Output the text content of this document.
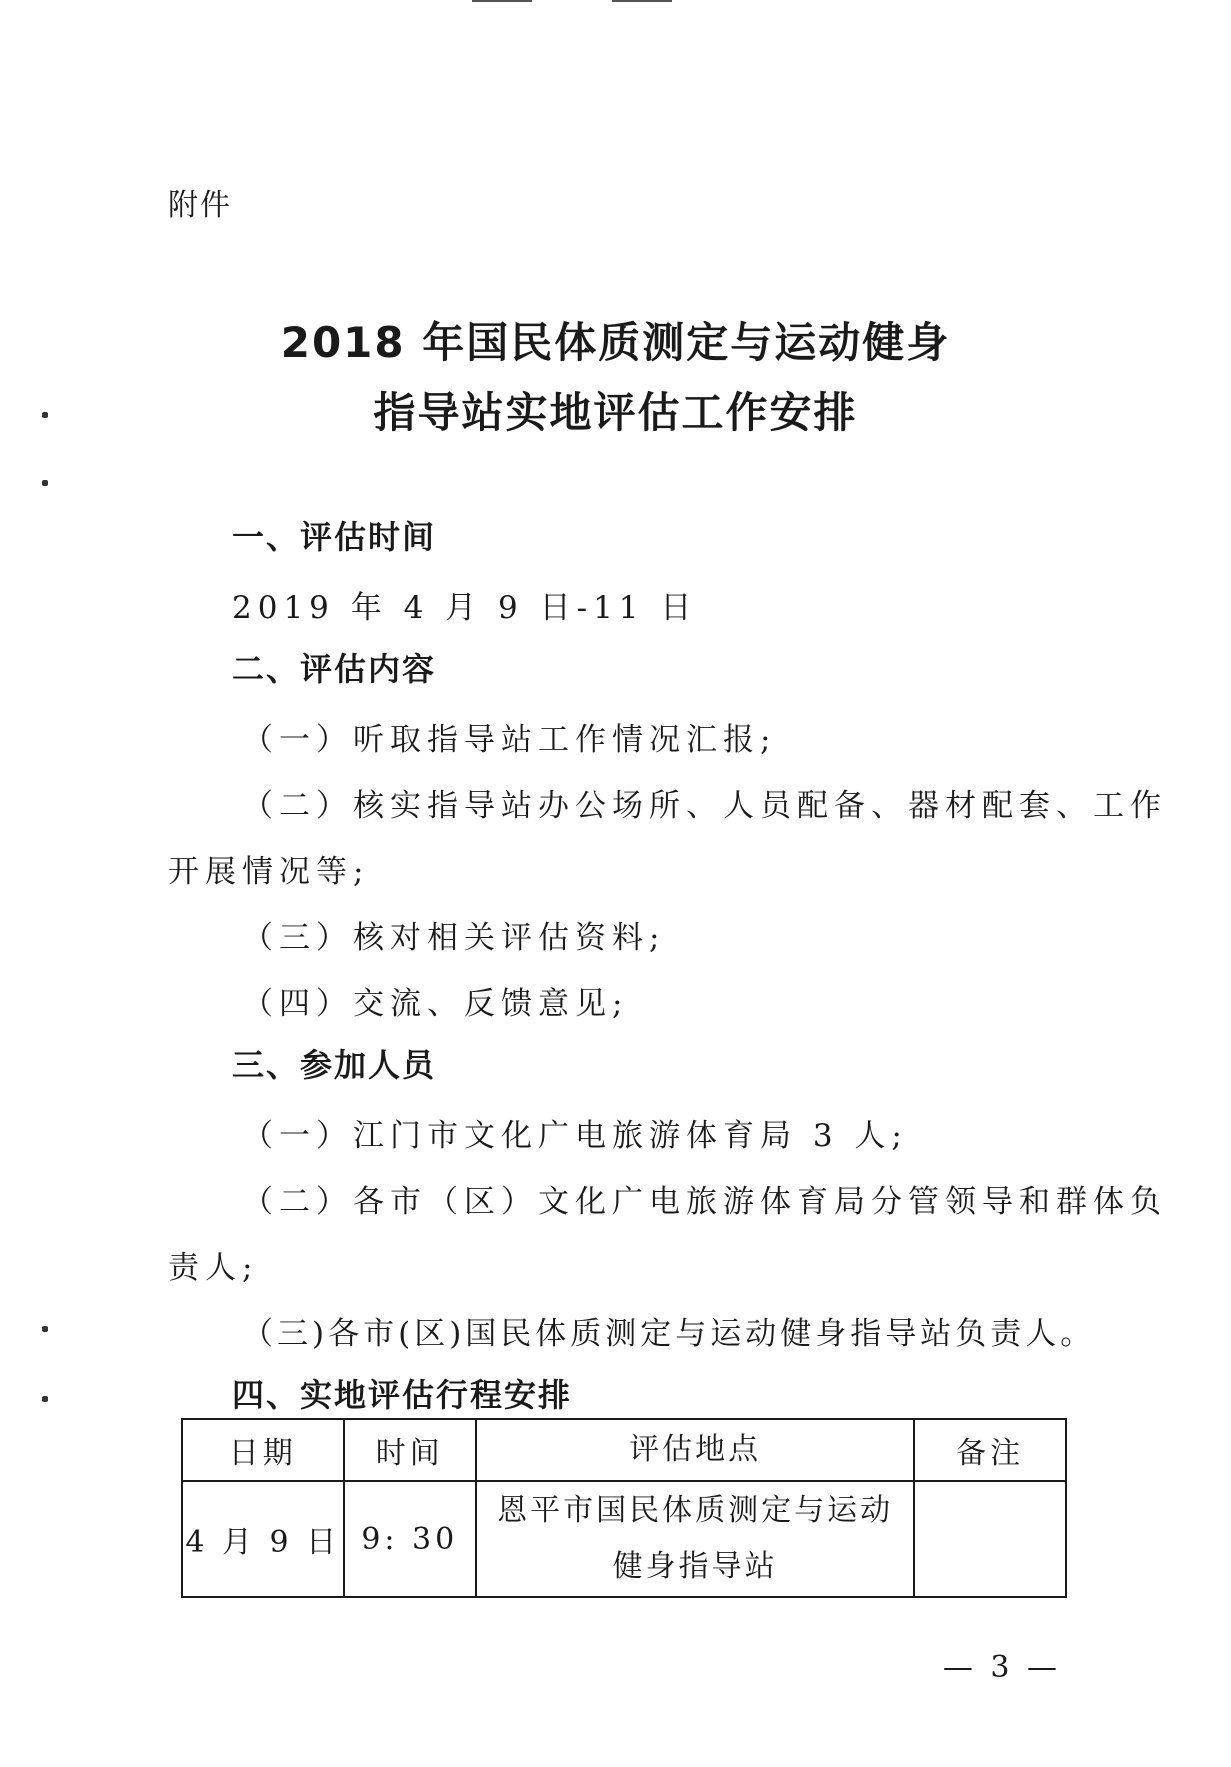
附件
2018 年国民体质测定与运动健身
指导站实地评估工作安排
一、评估时间
2019 年 4 月 9 日-11 日
二、评估内容
（一）听取指导站工作情况汇报;
（二）核实指导站办公场所、人员配备、器材配套、工作
开展情况等;
（三）核对相关评估资料;
（四）交流、反馈意见;
三、参加人员
（一）江门市文化广电旅游体育局 3 人;
（二）各市（区）文化广电旅游体育局分管领导和群体负
责人;
（三)各市(区)国民体质测定与运动健身指导站负责人。
四、实地评估行程安排
日期	时间	评估地点	备注
4 月 9 日	9: 30	恩平市国民体质测定与运动
健身指导站	

— 3 —
